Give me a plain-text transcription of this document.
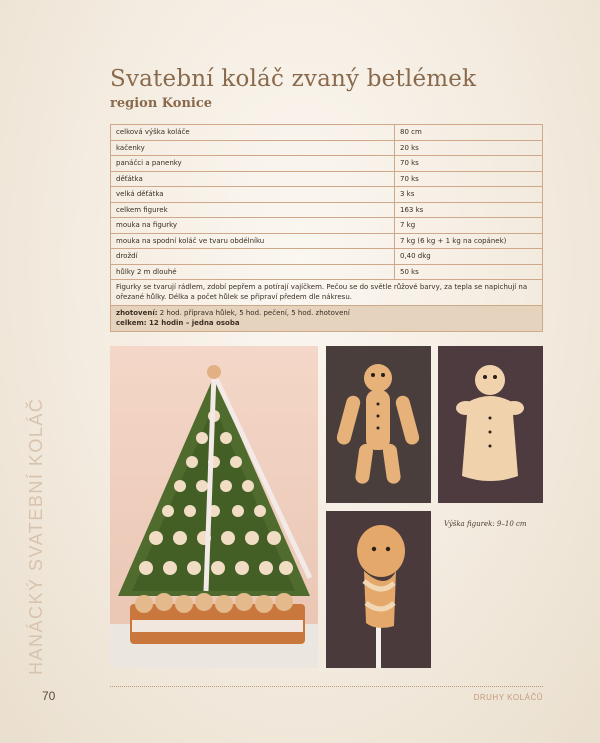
HANÁCKÝ SVATEBNÍ KOLÁČ
Svatební koláč zvaný betlémek
region Konice
celková výška koláče	80 cm
kačenky	20 ks
panáčci a panenky	70 ks
děťátka	70 ks
velká děťátka	3 ks
celkem figurek	163 ks
mouka na figurky	7 kg
mouka na spodní koláč ve tvaru obdélníku	7 kg (6 kg + 1 kg na copánek)
droždí	0,40 dkg
hůlky 2 m dlouhé	50 ks
Figurky se tvarují rádlem, zdobí pepřem a potírají vajíčkem. Pečou se do světle růžové barvy, za tepla se napichují na ořezané hůlky. Délka a počet hůlek se připraví předem dle nákresu.	

zhotovení: 2 hod. příprava hůlek, 5 hod. pečení, 5 hod. zhotovení
celkem: 12 hodin – jedna osoba	
Výška figurek: 9–10 cm
70	DRUHY KOLÁČŮ
